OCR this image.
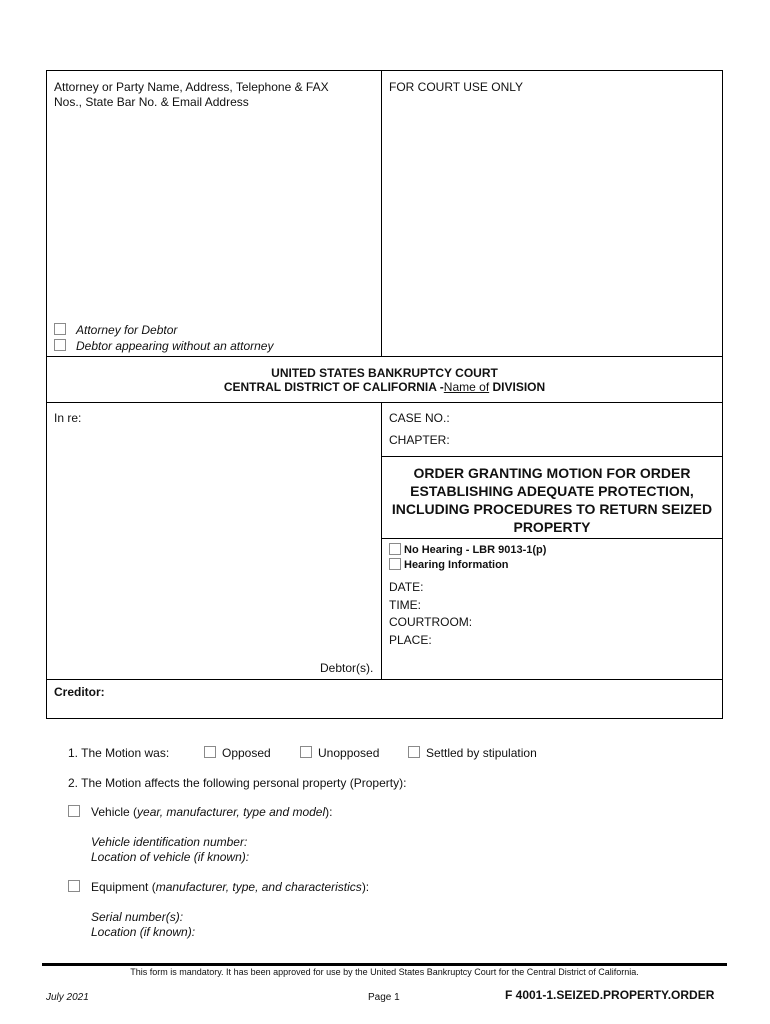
Attorney or Party Name, Address, Telephone & FAX
Nos., State Bar No. & Email Address
FOR COURT USE ONLY
Attorney for Debtor
Debtor appearing without an attorney
UNITED STATES BANKRUPTCY COURT
CENTRAL DISTRICT OF CALIFORNIA -Name of DIVISION
In re:	CASE NO.:
CHAPTER:
ORDER GRANTING MOTION FOR ORDER ESTABLISHING ADEQUATE PROTECTION, INCLUDING PROCEDURES TO RETURN SEIZED PROPERTY
No Hearing - LBR 9013-1(p)
Hearing Information
DATE:
TIME:
COURTROOM:
PLACE:
Debtor(s).
Creditor:
1. The Motion was:	Opposed	Unopposed	Settled by stipulation
2. The Motion affects the following personal property (Property):
Vehicle (year, manufacturer, type and model):
Vehicle identification number:
Location of vehicle (if known):
Equipment (manufacturer, type, and characteristics):
Serial number(s):
Location (if known):
This form is mandatory. It has been approved for use by the United States Bankruptcy Court for the Central District of California.
July 2021	Page 1	F 4001-1.SEIZED.PROPERTY.ORDER
